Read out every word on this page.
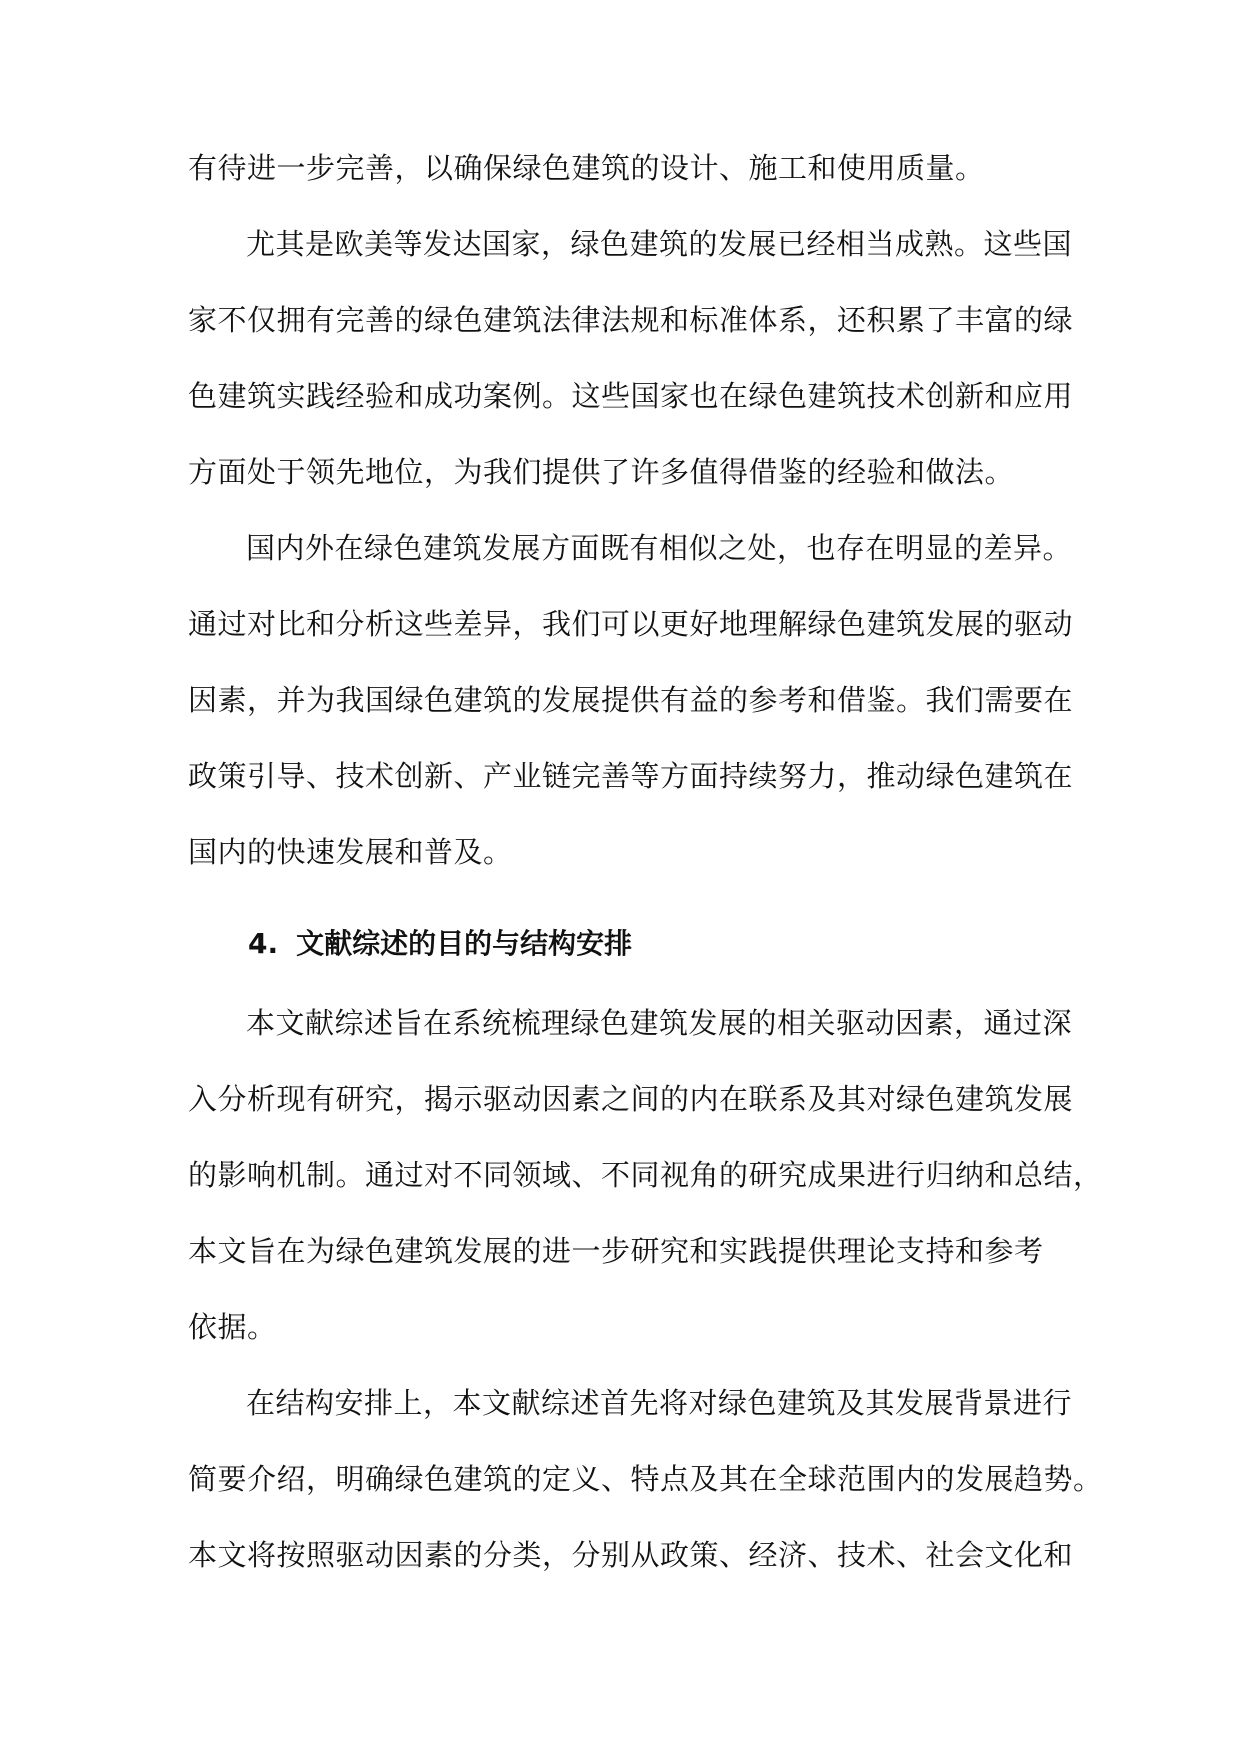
有待进一步完善，以确保绿色建筑的设计、施工和使用质量。
尤其是欧美等发达国家，绿色建筑的发展已经相当成熟。这些国
家不仅拥有完善的绿色建筑法律法规和标准体系，还积累了丰富的绿
色建筑实践经验和成功案例。这些国家也在绿色建筑技术创新和应用
方面处于领先地位，为我们提供了许多值得借鉴的经验和做法。
国内外在绿色建筑发展方面既有相似之处，也存在明显的差异。
通过对比和分析这些差异，我们可以更好地理解绿色建筑发展的驱动
因素，并为我国绿色建筑的发展提供有益的参考和借鉴。我们需要在
政策引导、技术创新、产业链完善等方面持续努力，推动绿色建筑在
国内的快速发展和普及。
4. 文献综述的目的与结构安排
本文献综述旨在系统梳理绿色建筑发展的相关驱动因素，通过深
入分析现有研究，揭示驱动因素之间的内在联系及其对绿色建筑发展
的影响机制。通过对不同领域、不同视角的研究成果进行归纳和总结，
本文旨在为绿色建筑发展的进一步研究和实践提供理论支持和参考
依据。
在结构安排上，本文献综述首先将对绿色建筑及其发展背景进行
简要介绍，明确绿色建筑的定义、特点及其在全球范围内的发展趋势。
本文将按照驱动因素的分类，分别从政策、经济、技术、社会文化和
